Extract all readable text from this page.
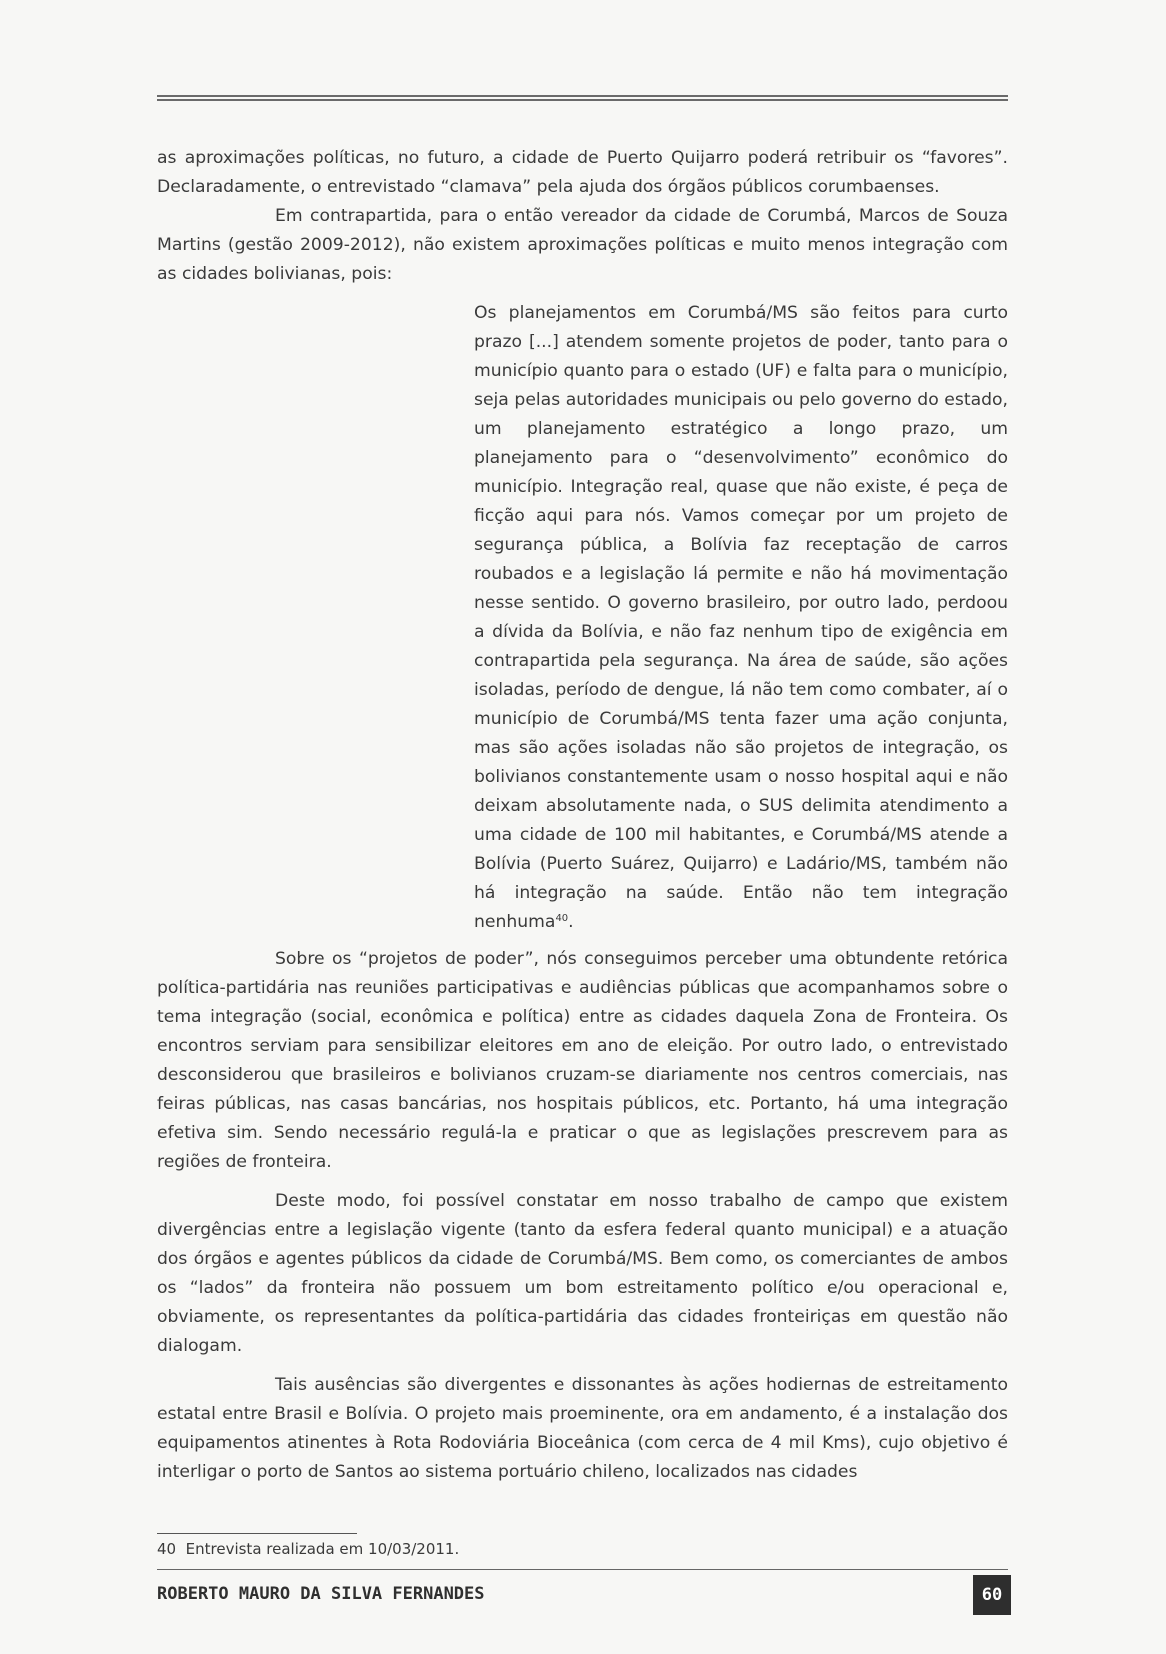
as aproximações políticas, no futuro, a cidade de Puerto Quijarro poderá retribuir os “favores”. Declaradamente, o entrevistado “clamava” pela ajuda dos órgãos públicos corumbaenses.

Em contrapartida, para o então vereador da cidade de Corumbá, Marcos de Souza Martins (gestão 2009-2012), não existem aproximações políticas e muito menos integração com as cidades bolivianas, pois:

Os planejamentos em Corumbá/MS são feitos para curto prazo [...] atendem somente projetos de poder, tanto para o município quanto para o estado (UF) e falta para o município, seja pelas autoridades municipais ou pelo governo do estado, um planejamento estratégico a longo prazo, um planejamento para o “desenvolvimento” econômico do município. Integração real, quase que não existe, é peça de ficção aqui para nós. Vamos começar por um projeto de segurança pública, a Bolívia faz receptação de carros roubados e a legislação lá permite e não há movimentação nesse sentido. O governo brasileiro, por outro lado, perdoou a dívida da Bolívia, e não faz nenhum tipo de exigência em contrapartida pela segurança. Na área de saúde, são ações isoladas, período de dengue, lá não tem como combater, aí o município de Corumbá/MS tenta fazer uma ação conjunta, mas são ações isoladas não são projetos de integração, os bolivianos constantemente usam o nosso hospital aqui e não deixam absolutamente nada, o SUS delimita atendimento a uma cidade de 100 mil habitantes, e Corumbá/MS atende a Bolívia (Puerto Suárez, Quijarro) e Ladário/MS, também não há integração na saúde. Então não tem integração nenhuma$^{40}$.

Sobre os “projetos de poder”, nós conseguimos perceber uma obtundente retórica política-partidária nas reuniões participativas e audiências públicas que acompanhamos sobre o tema integração (social, econômica e política) entre as cidades daquela Zona de Fronteira. Os encontros serviam para sensibilizar eleitores em ano de eleição. Por outro lado, o entrevistado desconsiderou que brasileiros e bolivianos cruzam-se diariamente nos centros comerciais, nas feiras públicas, nas casas bancárias, nos hospitais públicos, etc. Portanto, há uma integração efetiva sim. Sendo necessário regulá-la e praticar o que as legislações prescrevem para as regiões de fronteira.

Deste modo, foi possível constatar em nosso trabalho de campo que existem divergências entre a legislação vigente (tanto da esfera federal quanto municipal) e a atuação dos órgãos e agentes públicos da cidade de Corumbá/MS. Bem como, os comerciantes de ambos os “lados” da fronteira não possuem um bom estreitamento político e/ou operacional e, obviamente, os representantes da política-partidária das cidades fronteiriças em questão não dialogam.

Tais ausências são divergentes e dissonantes às ações hodiernas de estreitamento estatal entre Brasil e Bolívia. O projeto mais proeminente, ora em andamento, é a instalação dos equipamentos atinentes à Rota Rodoviária Bioceânica (com cerca de 4 mil Kms), cujo objetivo é interligar o porto de Santos ao sistema portuário chileno, localizados nas cidades

40 Entrevista realizada em 10/03/2011.
ROBERTO MAURO DA SILVA FERNANDES	60
